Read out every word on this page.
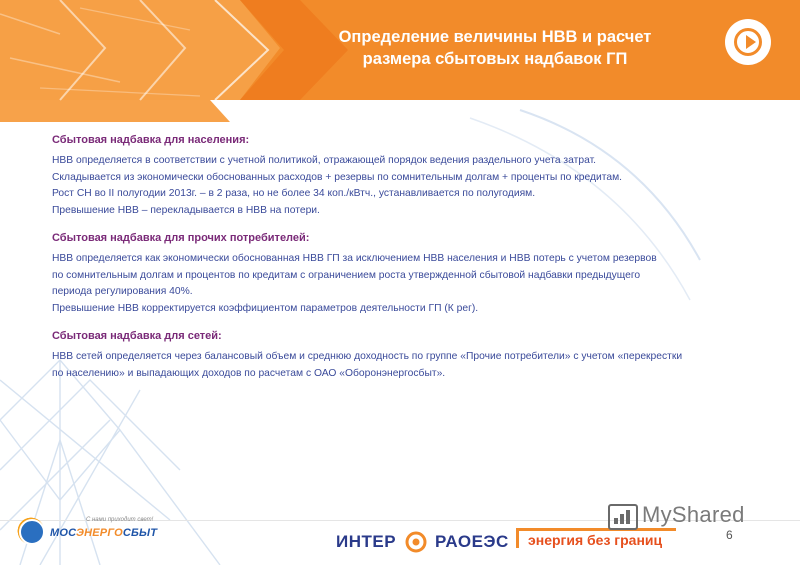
Определение величины НВВ и расчет
размера сбытовых надбавок ГП
Сбытовая надбавка для населения:
НВВ определяется в соответствии с учетной политикой, отражающей порядок ведения раздельного учета затрат.
Складывается из экономически обоснованных расходов + резервы по сомнительным долгам + проценты по кредитам.
Рост СН во II полугодии 2013г. – в 2 раза, но не более 34 коп./кВтч., устанавливается по полугодиям.
Превышение НВВ – перекладывается в НВВ на потери.
Сбытовая надбавка для прочих потребителей:
НВВ определяется как экономически обоснованная НВВ ГП за исключением НВВ населения и НВВ потерь с учетом резервов
по сомнительным долгам и процентов по кредитам с ограничением роста утвержденной сбытовой надбавки предыдущего
периода регулирования 40%.
Превышение НВВ корректируется коэффициентом параметров деятельности ГП (К рег).
Сбытовая надбавка для сетей:
НВВ сетей определяется через балансовый объем и среднюю доходность по группе «Прочие потребители» с учетом «перекрестки
по населению» и выпадающих доходов по расчетам с ОАО «Оборонэнергосбыт».
С нами приходит свет!
МОСЭНЕРГОСБЫТ	ИНТЕР РАОЕЭС энергия без границ
MyShared
6
